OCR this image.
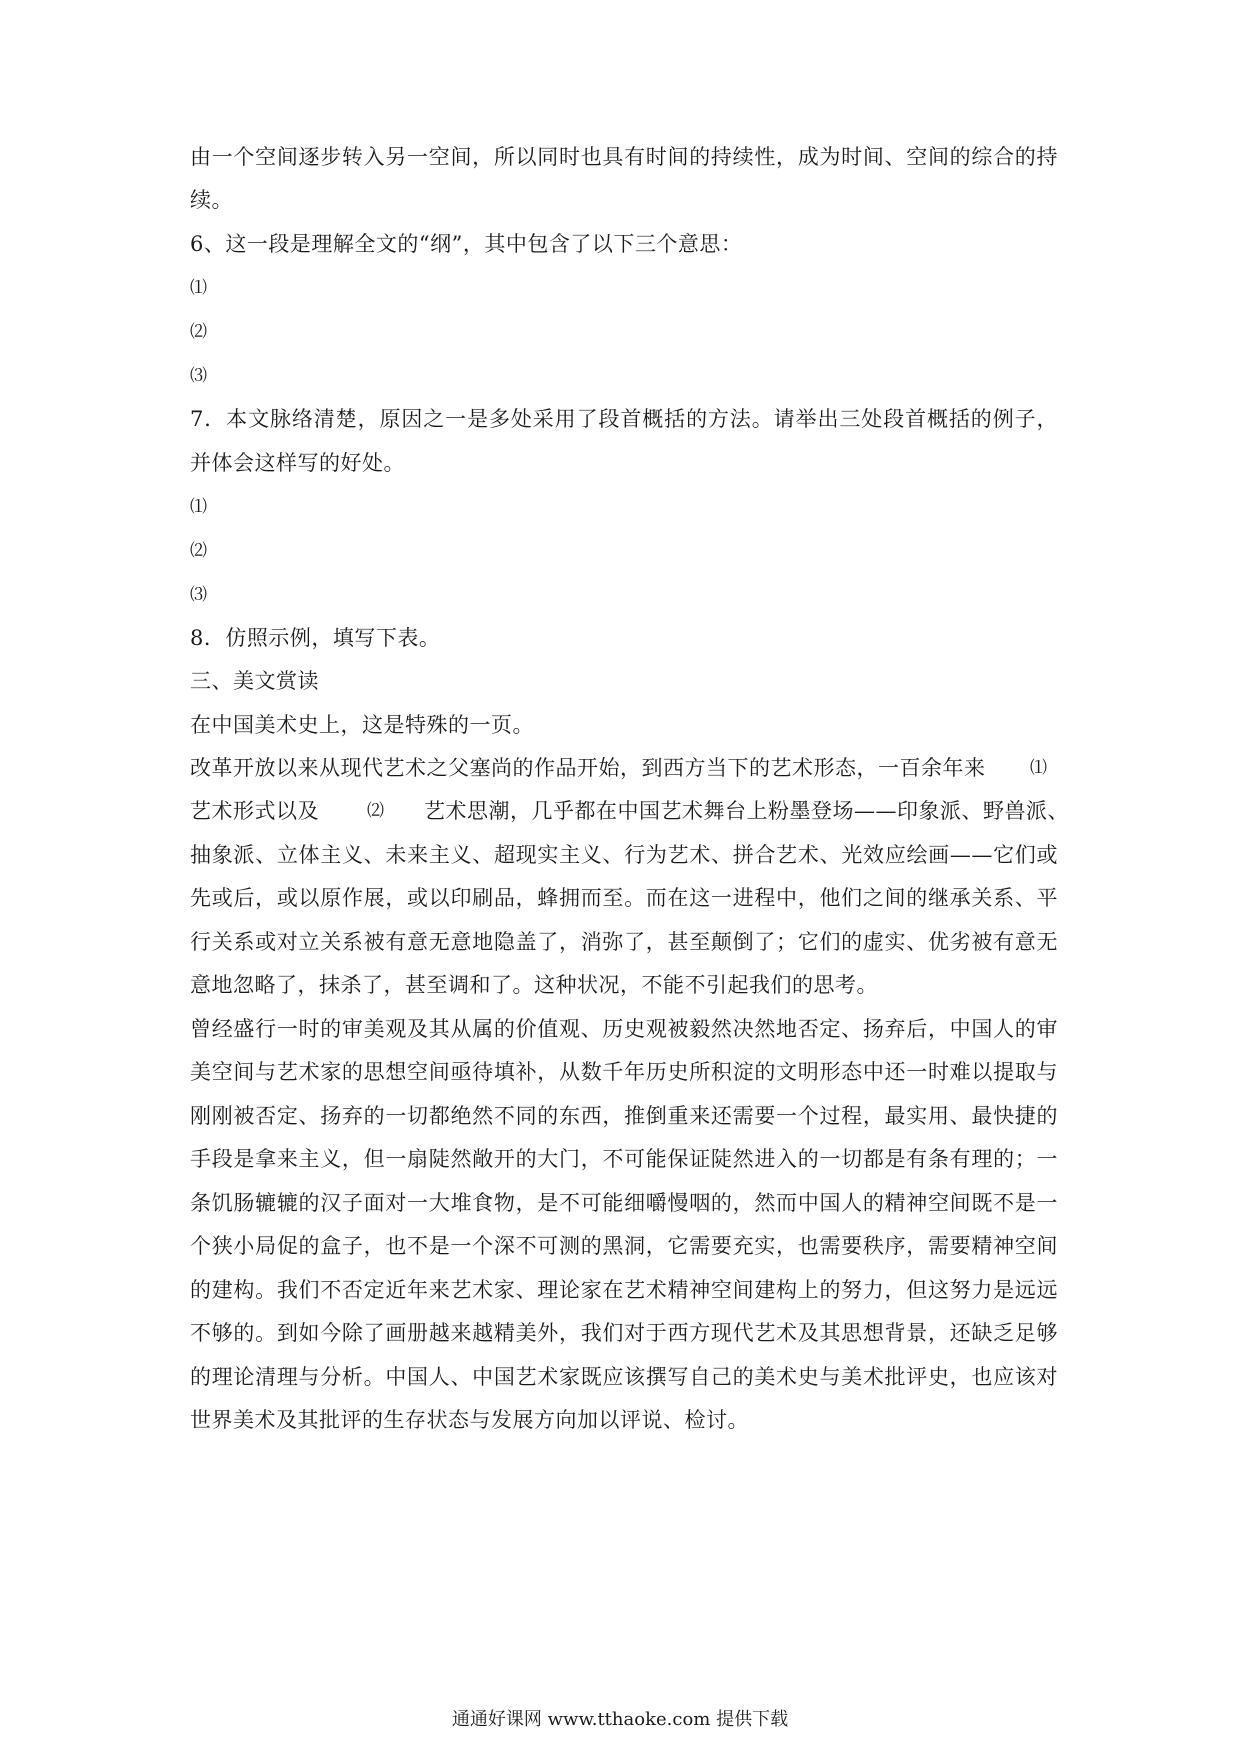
由一个空间逐步转入另一空间，所以同时也具有时间的持续性，成为时间、空间的综合的持
续。
6、这一段是理解全文的“纲”，其中包含了以下三个意思：
⑴
⑵
⑶
7．本文脉络清楚，原因之一是多处采用了段首概括的方法。请举出三处段首概括的例子，
并体会这样写的好处。
⑴
⑵
⑶
8．仿照示例，填写下表。
三、美文赏读
在中国美术史上，这是特殊的一页。
改革开放以来从现代艺术之父塞尚的作品开始，到西方当下的艺术形态，一百余年来	⑴
艺术形式以及	⑵ 艺术思潮，几乎都在中国艺术舞台上粉墨登场——印象派、野兽派、
抽象派、立体主义、未来主义、超现实主义、行为艺术、拼合艺术、光效应绘画——它们或
先或后，或以原作展，或以印刷品，蜂拥而至。而在这一进程中，他们之间的继承关系、平
行关系或对立关系被有意无意地隐盖了，消弥了，甚至颠倒了；它们的虚实、优劣被有意无
意地忽略了，抹杀了，甚至调和了。这种状况，不能不引起我们的思考。
曾经盛行一时的审美观及其从属的价值观、历史观被毅然决然地否定、扬弃后，中国人的审
美空间与艺术家的思想空间亟待填补，从数千年历史所积淀的文明形态中还一时难以提取与
刚刚被否定、扬弃的一切都绝然不同的东西，推倒重来还需要一个过程，最实用、最快捷的
手段是拿来主义，但一扇陡然敞开的大门，不可能保证陡然进入的一切都是有条有理的；一
条饥肠辘辘的汉子面对一大堆食物，是不可能细嚼慢咽的，然而中国人的精神空间既不是一
个狭小局促的盒子，也不是一个深不可测的黑洞，它需要充实，也需要秩序，需要精神空间
的建构。我们不否定近年来艺术家、理论家在艺术精神空间建构上的努力，但这努力是远远
不够的。到如今除了画册越来越精美外，我们对于西方现代艺术及其思想背景，还缺乏足够
的理论清理与分析。中国人、中国艺术家既应该撰写自己的美术史与美术批评史，也应该对
世界美术及其批评的生存状态与发展方向加以评说、检讨。
通通好课网 www.tthaoke.com 提供下载
